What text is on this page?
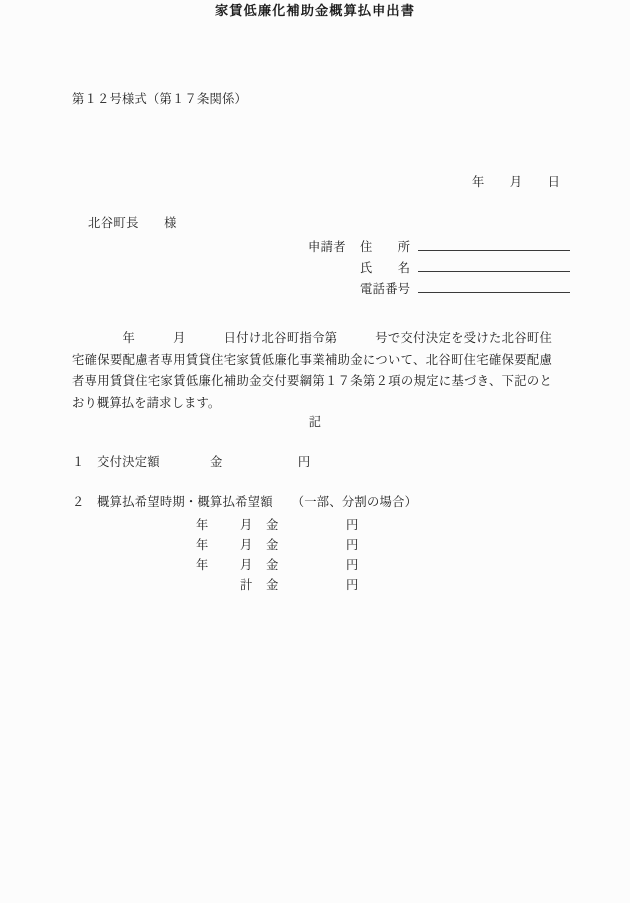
第１２号様式（第１７条関係）
家賃低廉化補助金概算払申出書
年　　月　　日
北谷町長　　様
申請者	住　　所
氏　　名
電話番号
　　　　年　　　月　　　日付け北谷町指令第　　　号で交付決定を受けた北谷町住宅確保要配慮者専用賃貸住宅家賃低廉化事業補助金について、北谷町住宅確保要配慮者専用賃貸住宅家賃低廉化補助金交付要綱第１７条第２項の規定に基づき、下記のとおり概算払を請求します。
記
１　交付決定額　　　　金　　　　　　円
２　概算払希望時期・概算払希望額　　（一部、分割の場合）
年	月	金	円
年	月	金	円
年	月	金	円
計	金	円
